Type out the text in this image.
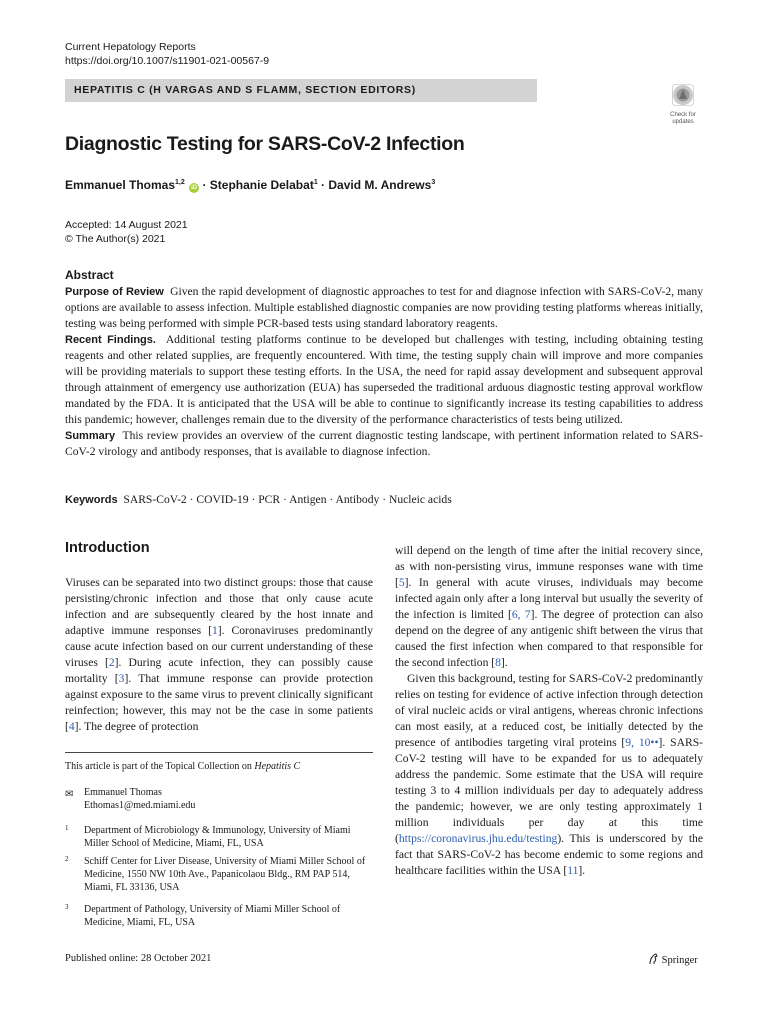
Current Hepatology Reports
https://doi.org/10.1007/s11901-021-00567-9
HEPATITIS C (H VARGAS AND S FLAMM, SECTION EDITORS)
Check for updates
Diagnostic Testing for SARS-CoV-2 Infection
Emmanuel Thomas$^{1,2}$ iD · Stephanie Delabat$^1$ · David M. Andrews$^3$
Accepted: 14 August 2021
© The Author(s) 2021
Abstract
Purpose of Review Given the rapid development of diagnostic approaches to test for and diagnose infection with SARS-CoV-2, many options are available to assess infection. Multiple established diagnostic companies are now providing testing platforms whereas initially, testing was being performed with simple PCR-based tests using standard laboratory reagents.
Recent Findings. Additional testing platforms continue to be developed but challenges with testing, including obtaining testing reagents and other related supplies, are frequently encountered. With time, the testing supply chain will improve and more companies will be providing materials to support these testing efforts. In the USA, the need for rapid assay development and subsequent approval through attainment of emergency use authorization (EUA) has superseded the traditional arduous diagnostic testing approval workflow mandated by the FDA. It is anticipated that the USA will be able to continue to significantly increase its testing capabilities to address this pandemic; however, challenges remain due to the diversity of the performance characteristics of tests being utilized.
Summary This review provides an overview of the current diagnostic testing landscape, with pertinent information related to SARS-CoV-2 virology and antibody responses, that is available to diagnose infection.
Keywords SARS-CoV-2 · COVID-19 · PCR · Antigen · Antibody · Nucleic acids
Introduction

Viruses can be separated into two distinct groups: those that cause persisting/chronic infection and those that only cause acute infection and are subsequently cleared by the host innate and adaptive immune responses [1]. Coronaviruses predominantly cause acute infection based on our current understanding of these viruses [2]. During acute infection, they can possibly cause mortality [3]. That immune response can provide protection against exposure to the same virus to prevent clinically significant reinfection; however, this may not be the case in some patients [4]. The degree of protection

will depend on the length of time after the initial recovery since, as with non-persisting virus, immune responses wane with time [5]. In general with acute viruses, individuals may become infected again only after a long interval but usually the severity of the infection is limited [6, 7]. The degree of protection can also depend on the degree of any antigenic shift between the virus that caused the first infection when compared to that responsible for the second infection [8].

Given this background, testing for SARS-CoV-2 predominantly relies on testing for evidence of active infection through detection of viral nucleic acids or viral antigens, whereas chronic infections can most easily, at a reduced cost, be initially detected by the presence of antibodies targeting viral proteins [9, 10••]. SARS-CoV-2 testing will have to be expanded for us to adequately address the pandemic. Some estimate that the USA will require testing 3 to 4 million individuals per day to adequately address the pandemic; however, we are only testing approximately 1 million individuals per day at this time (https://coronavirus.jhu.edu/testing). This is underscored by the fact that SARS-CoV-2 has become endemic to some regions and healthcare facilities within the USA [11].

This article is part of the Topical Collection on Hepatitis C
✉ Emmanuel Thomas
Ethomas1@med.miami.edu
1 Department of Microbiology & Immunology, University of Miami Miller School of Medicine, Miami, FL, USA
2 Schiff Center for Liver Disease, University of Miami Miller School of Medicine, 1550 NW 10th Ave., Papanicolaou Bldg., RM PAP 514, Miami, FL 33136, USA
3 Department of Pathology, University of Miami Miller School of Medicine, Miami, FL, USA
Published online: 28 October 2021	Springer
